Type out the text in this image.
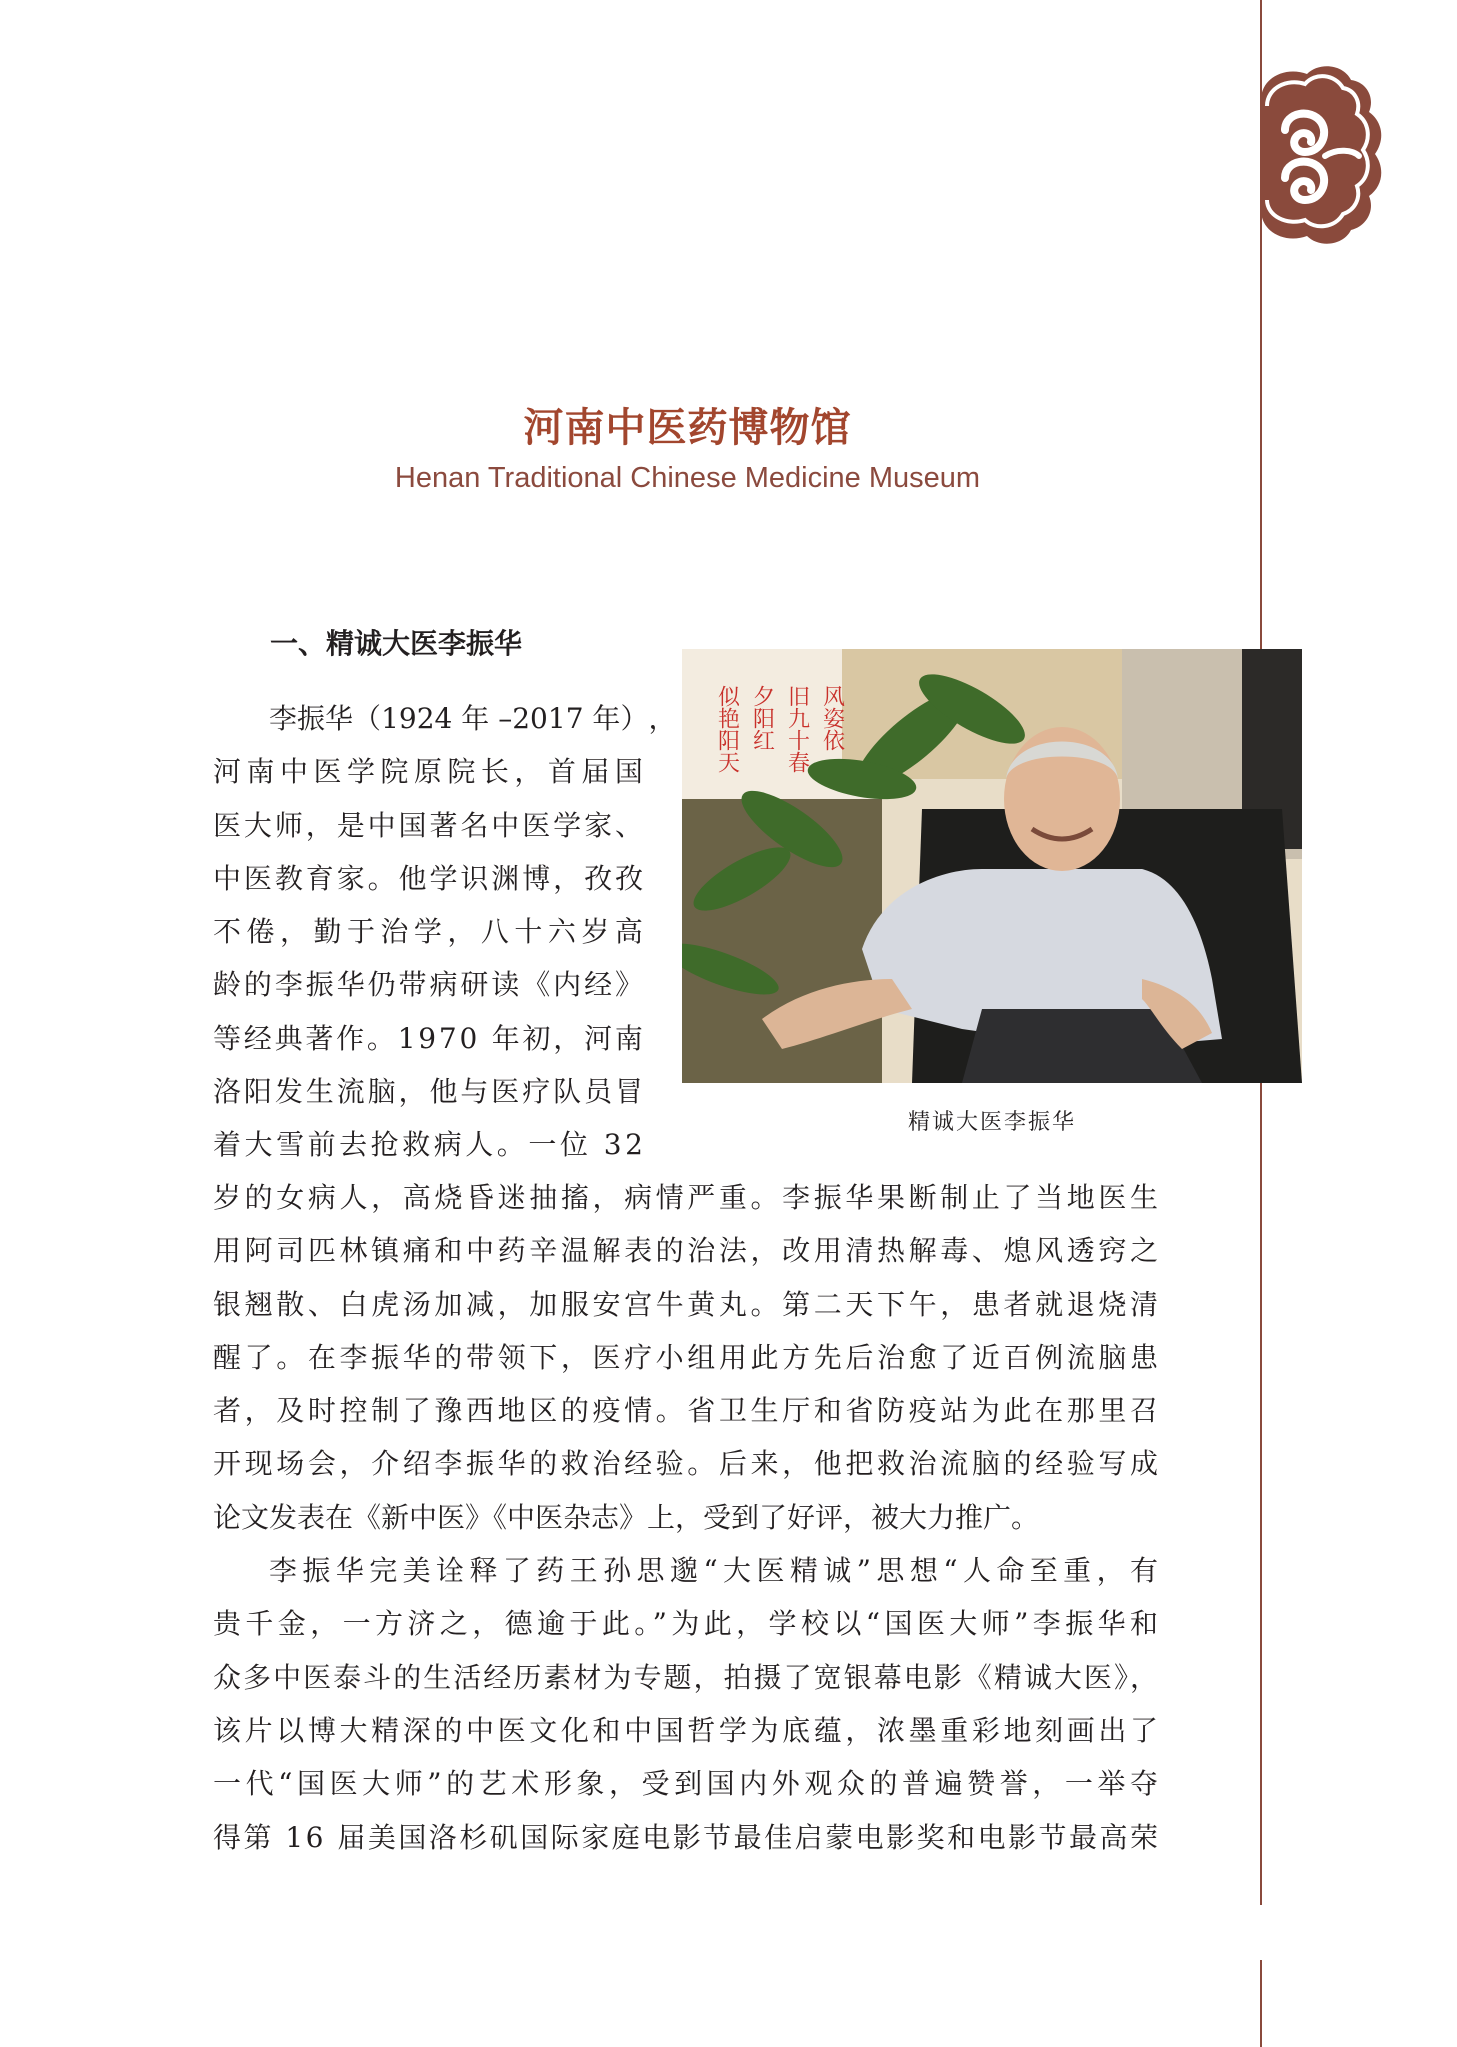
河南中医药博物馆
Henan Traditional Chinese Medicine Museum
一、精诚大医李振华
风姿依
旧九十春
夕阳红
似艳阳天
精诚大医李振华
李 振 华 （ 1 9 2 4
年
– 2 0 1 7
年 ） ，
河 南 中 医 学 院 原 院 长 ， 首 届 国
医 大 师 ， 是 中 国 著 名 中 医 学 家 、
中 医 教 育 家 。 他 学 识 渊 博 ， 孜 孜
不 倦 ， 勤 于 治 学 ， 八 十 六 岁 高
龄 的 李 振 华 仍 带 病 研 读 《 内 经 》
等 经 典 著 作 。 1 9 7 0
年 初 ， 河 南
洛 阳 发 生 流 脑 ， 他 与 医 疗 队 员 冒
着 大 雪 前 去 抢 救 病 人 。 一 位
3 2
岁的女病人，高烧昏迷抽搐，病情严重。李振华果断制止了当地医生
用阿司匹林镇痛和中药辛温解表的治法，改用清热解毒、熄风透窍之
银翘散、白虎汤加减，加服安宫牛黄丸。第二天下午，患者就退烧清
醒了。在李振华的带领下，医疗小组用此方先后治愈了近百例流脑患
者，及时控制了豫西地区的疫情。省卫生厅和省防疫站为此在那里召
开现场会，介绍李振华的救治经验。后来，他把救治流脑的经验写成
论文发表在《新中医》《中医杂志》上，受到了好评，被大力推广。
李振华完美诠释了药王孙思邈“大医精诚”思想“人命至重，有
贵千金，一方济之，德逾于此。”为此，学校以“国医大师”李振华和
众多中医泰斗的生活经历素材为专题，拍摄了宽银幕电影《精诚大医》，
该片以博大精深的中医文化和中国哲学为底蕴，浓墨重彩地刻画出了
一代“国医大师”的艺术形象，受到国内外观众的普遍赞誉，一举夺
得第 16 届美国洛杉矶国际家庭电影节最佳启蒙电影奖和电影节最高荣
